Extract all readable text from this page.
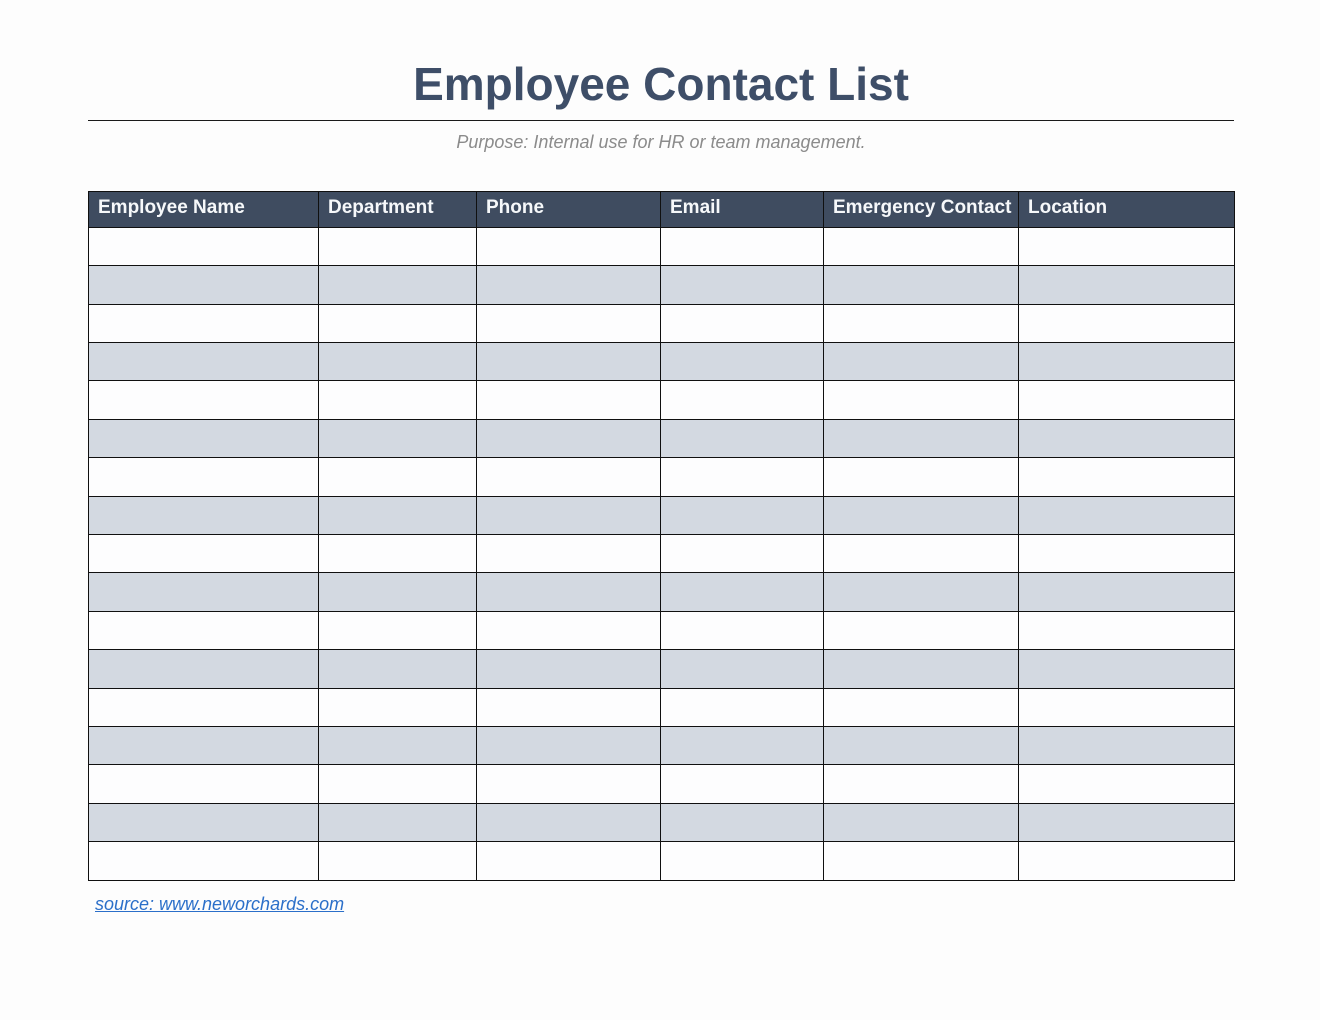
Employee Contact List

Purpose: Internal use for HR or team management.

Employee Name	Department	Phone	Email	Emergency Contact	Location

source: www.neworchards.com
